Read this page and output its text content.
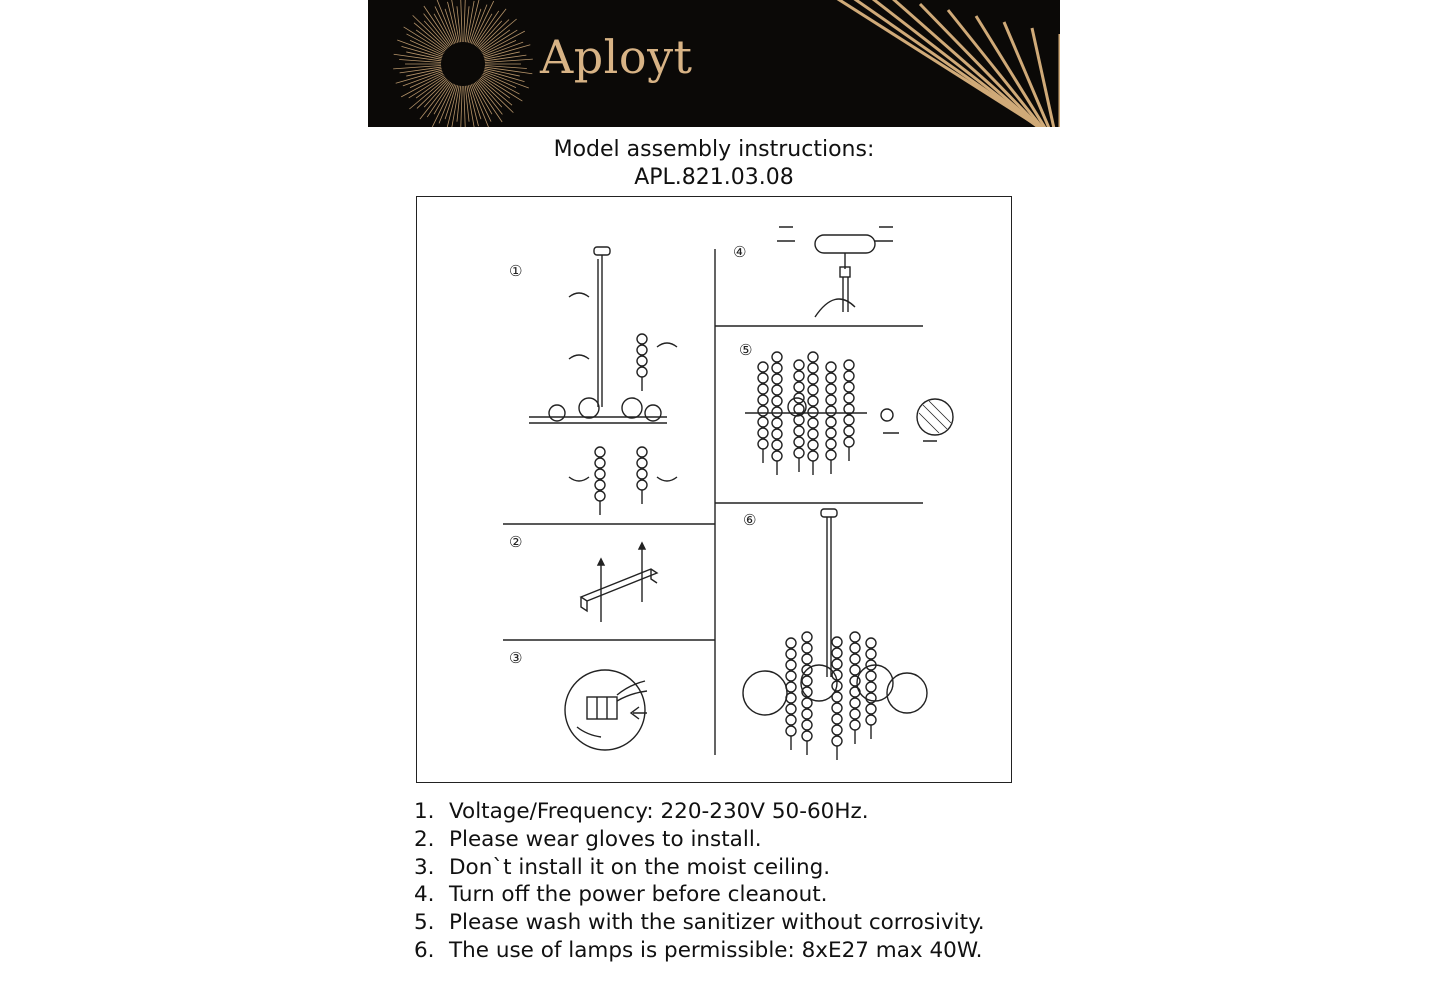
Aployt
Model assembly instructions:
APL.821.03.08
①
②
③
④
⑤
⑥
1. Voltage/Frequency: 220-230V 50-60Hz.
2. Please wear gloves to install.
3. Don`t install it on the moist ceiling.
4. Turn off the power before cleanout.
5. Please wash with the sanitizer without corrosivity.
6. The use of lamps is permissible: 8xE27 max 40W.
